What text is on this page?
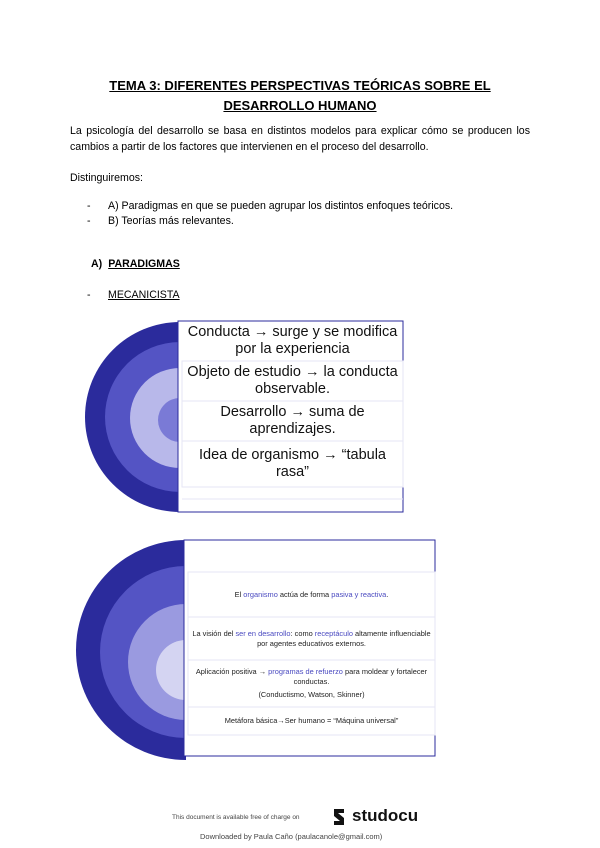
TEMA 3: DIFERENTES PERSPECTIVAS TEÓRICAS SOBRE EL
DESARROLLO HUMANO
La psicología del desarrollo se basa en distintos modelos para explicar cómo se producen los cambios a partir de los factores que intervienen en el proceso del desarrollo.
Distinguiremos:
- A) Paradigmas en que se pueden agrupar los distintos enfoques teóricos.
- B) Teorías más relevantes.
A) PARADIGMAS
- MECANICISTA
Conducta → surge y se modifica por la experiencia
Objeto de estudio → la conducta observable.
Desarrollo → suma de aprendizajes.
Idea de organismo → “tabula rasa”
El organismo actúa de forma pasiva y reactiva.
La visión del ser en desarrollo: como receptáculo altamente influenciable por agentes educativos externos.
Aplicación positiva → programas de refuerzo para moldear y fortalecer conductas.
(Conductismo, Watson, Skinner)
Metáfora básica→Ser humano = “Máquina universal”
This document is available free of charge on	studocu
Downloaded by Paula Caño (paulacanole@gmail.com)
